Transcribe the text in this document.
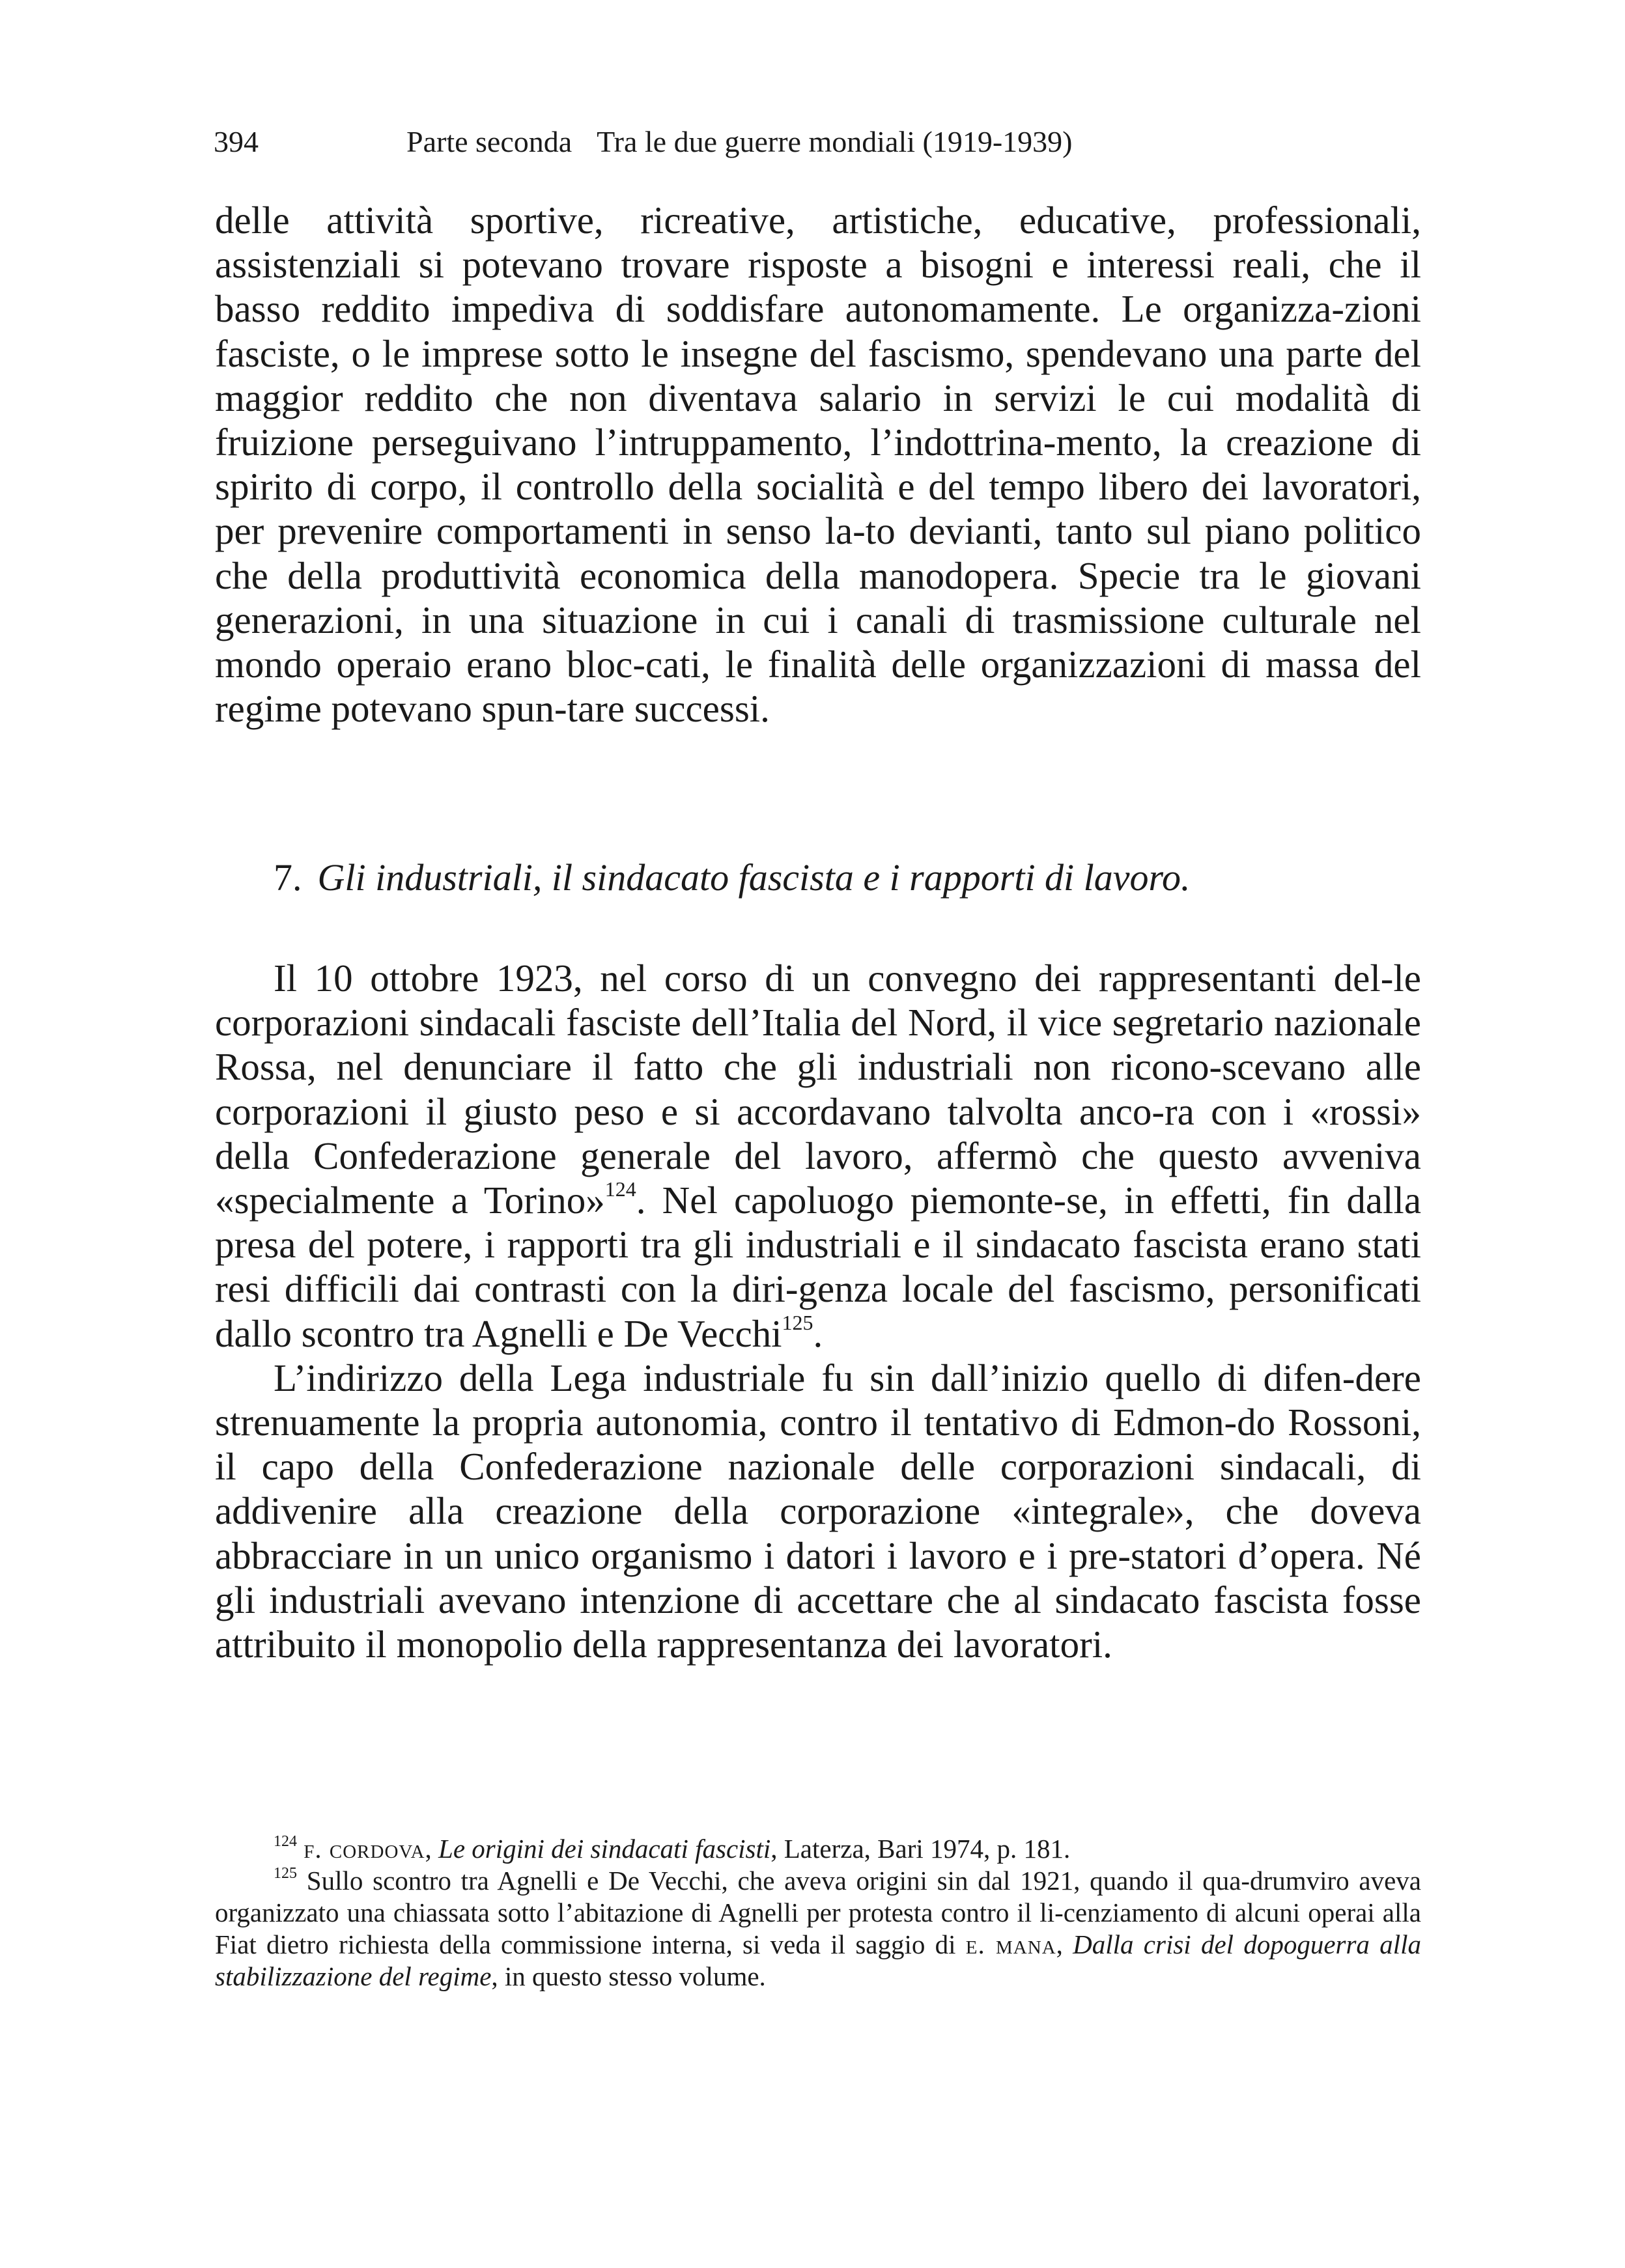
394	Parte seconda Tra le due guerre mondiali (1919-1939)

delle attività sportive, ricreative, artistiche, educative, professionali, assistenziali si potevano trovare risposte a bisogni e interessi reali, che il basso reddito impediva di soddisfare autonomamente. Le organizza-zioni fasciste, o le imprese sotto le insegne del fascismo, spendevano una parte del maggior reddito che non diventava salario in servizi le cui modalità di fruizione perseguivano l’intruppamento, l’indottrina-mento, la creazione di spirito di corpo, il controllo della socialità e del tempo libero dei lavoratori, per prevenire comportamenti in senso la-to devianti, tanto sul piano politico che della produttività economica della manodopera. Specie tra le giovani generazioni, in una situazione in cui i canali di trasmissione culturale nel mondo operaio erano bloc-cati, le finalità delle organizzazioni di massa del regime potevano spun-tare successi.

7. Gli industriali, il sindacato fascista e i rapporti di lavoro.

Il 10 ottobre 1923, nel corso di un convegno dei rappresentanti del-le corporazioni sindacali fasciste dell’Italia del Nord, il vice segretario nazionale Rossa, nel denunciare il fatto che gli industriali non ricono-scevano alle corporazioni il giusto peso e si accordavano talvolta anco-ra con i «rossi» della Confederazione generale del lavoro, affermò che questo avveniva «specialmente a Torino»$^{124}$. Nel capoluogo piemonte-se, in effetti, fin dalla presa del potere, i rapporti tra gli industriali e il sindacato fascista erano stati resi difficili dai contrasti con la diri-genza locale del fascismo, personificati dallo scontro tra Agnelli e De Vecchi$^{125}$.

L’indirizzo della Lega industriale fu sin dall’inizio quello di difen-dere strenuamente la propria autonomia, contro il tentativo di Edmon-do Rossoni, il capo della Confederazione nazionale delle corporazioni sindacali, di addivenire alla creazione della corporazione «integrale», che doveva abbracciare in un unico organismo i datori i lavoro e i pre-statori d’opera. Né gli industriali avevano intenzione di accettare che al sindacato fascista fosse attribuito il monopolio della rappresentanza dei lavoratori.

$^{124}$ f. cordova, Le origini dei sindacati fascisti, Laterza, Bari 1974, p. 181.

$^{125}$ Sullo scontro tra Agnelli e De Vecchi, che aveva origini sin dal 1921, quando il qua-drumviro aveva organizzato una chiassata sotto l’abitazione di Agnelli per protesta contro il li-cenziamento di alcuni operai alla Fiat dietro richiesta della commissione interna, si veda il saggio di e. mana, Dalla crisi del dopoguerra alla stabilizzazione del regime, in questo stesso volume.
